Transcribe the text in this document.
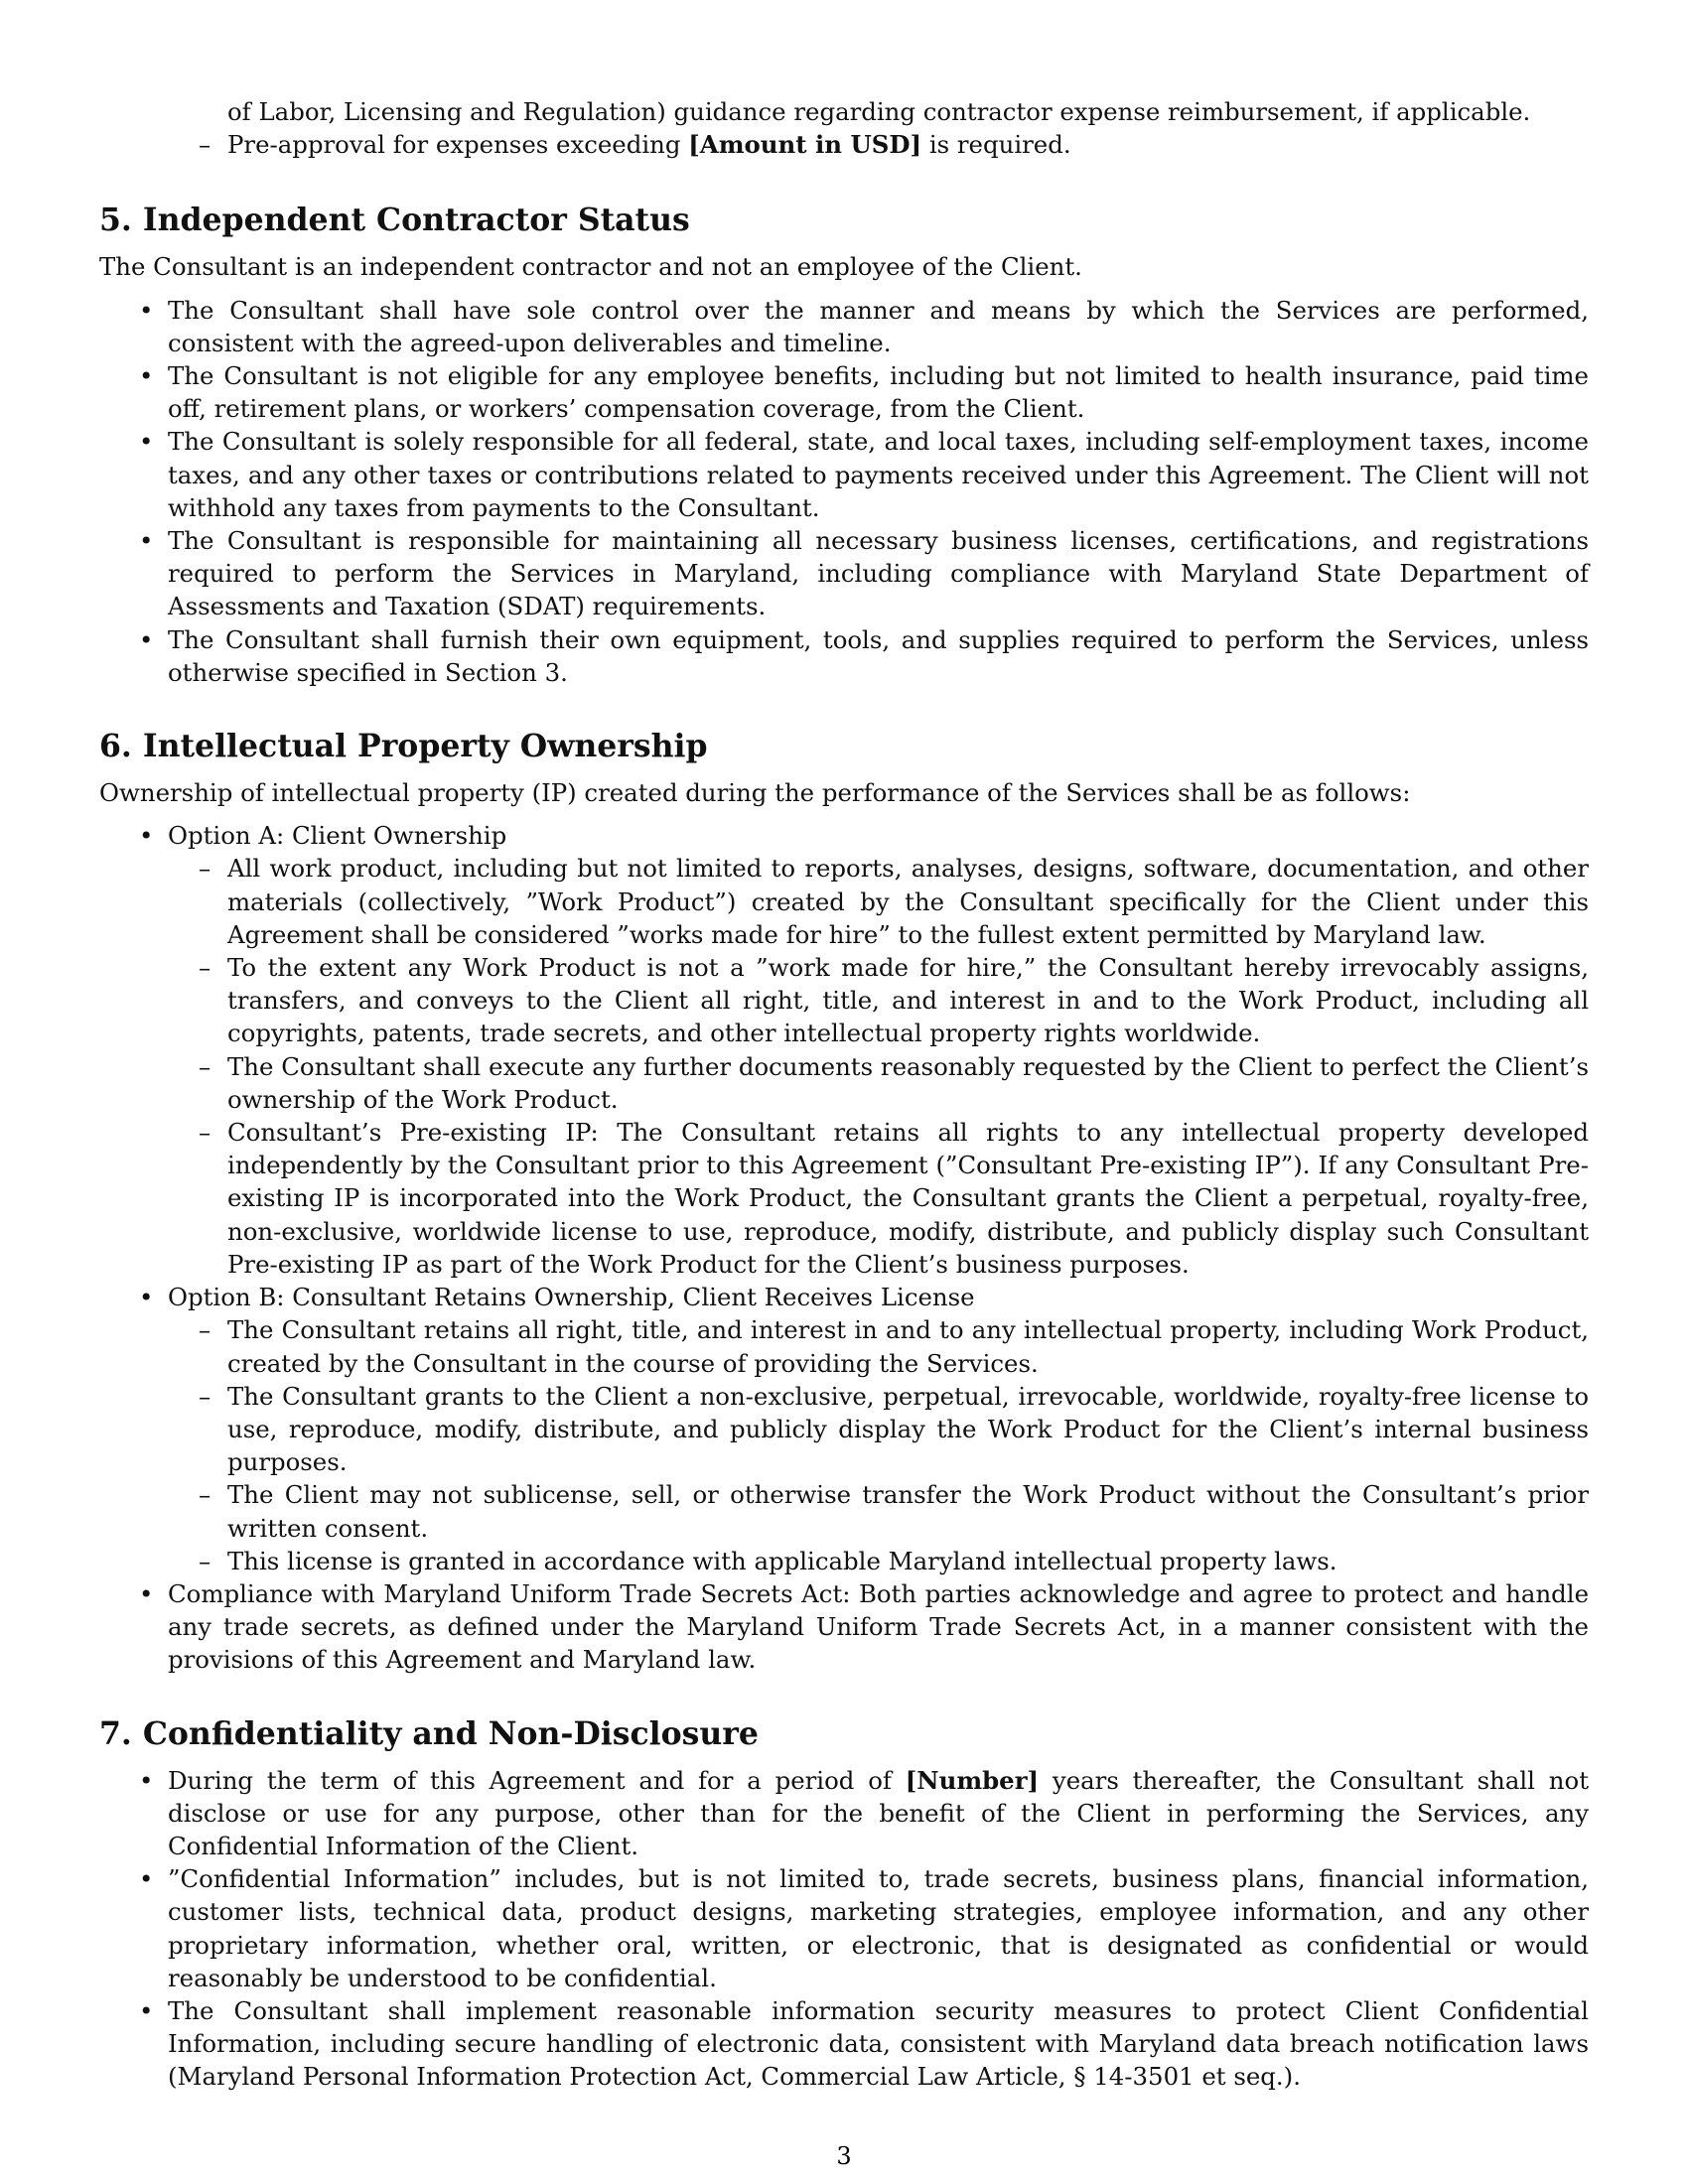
of Labor, Licensing and Regulation) guidance regarding contractor expense reimbursement, if applicable.
– Pre-approval for expenses exceeding [Amount in USD] is required.
5. Independent Contractor Status

The Consultant is an independent contractor and not an employee of the Client.

• The Consultant shall have sole control over the manner and means by which the Services are performed, consistent with the agreed-upon deliverables and timeline.
• The Consultant is not eligible for any employee benefits, including but not limited to health insurance, paid time off, retirement plans, or workers’ compensation coverage, from the Client.
• The Consultant is solely responsible for all federal, state, and local taxes, including self-employment taxes, income taxes, and any other taxes or contributions related to payments received under this Agreement. The Client will not withhold any taxes from payments to the Consultant.
• The Consultant is responsible for maintaining all necessary business licenses, certifications, and registrations required to perform the Services in Maryland, including compliance with Maryland State Department of Assessments and Taxation (SDAT) requirements.
• The Consultant shall furnish their own equipment, tools, and supplies required to perform the Services, unless otherwise specified in Section 3.
6. Intellectual Property Ownership

Ownership of intellectual property (IP) created during the performance of the Services shall be as follows:

• Option A: Client Ownership
– All work product, including but not limited to reports, analyses, designs, software, documentation, and other materials (collectively, ”Work Product”) created by the Consultant specifically for the Client under this Agreement shall be considered ”works made for hire” to the fullest extent permitted by Maryland law.
– To the extent any Work Product is not a ”work made for hire,” the Consultant hereby irrevocably assigns, transfers, and conveys to the Client all right, title, and interest in and to the Work Product, including all copyrights, patents, trade secrets, and other intellectual property rights worldwide.
– The Consultant shall execute any further documents reasonably requested by the Client to perfect the Client’s ownership of the Work Product.
– Consultant’s Pre-existing IP: The Consultant retains all rights to any intellectual property developed independently by the Consultant prior to this Agreement (”Consultant Pre-existing IP”). If any Consultant Pre-existing IP is incorporated into the Work Product, the Consultant grants the Client a perpetual, royalty-free, non-exclusive, worldwide license to use, reproduce, modify, distribute, and publicly display such Consultant Pre-existing IP as part of the Work Product for the Client’s business purposes.
• Option B: Consultant Retains Ownership, Client Receives License
– The Consultant retains all right, title, and interest in and to any intellectual property, including Work Product, created by the Consultant in the course of providing the Services.
– The Consultant grants to the Client a non-exclusive, perpetual, irrevocable, worldwide, royalty-free license to use, reproduce, modify, distribute, and publicly display the Work Product for the Client’s internal business purposes.
– The Client may not sublicense, sell, or otherwise transfer the Work Product without the Consultant’s prior written consent.
– This license is granted in accordance with applicable Maryland intellectual property laws.
• Compliance with Maryland Uniform Trade Secrets Act: Both parties acknowledge and agree to protect and handle any trade secrets, as defined under the Maryland Uniform Trade Secrets Act, in a manner consistent with the provisions of this Agreement and Maryland law.
7. Confidentiality and Non-Disclosure
• During the term of this Agreement and for a period of [Number] years thereafter, the Consultant shall not disclose or use for any purpose, other than for the benefit of the Client in performing the Services, any Confidential Information of the Client.
• ”Confidential Information” includes, but is not limited to, trade secrets, business plans, financial information, customer lists, technical data, product designs, marketing strategies, employee information, and any other proprietary information, whether oral, written, or electronic, that is designated as confidential or would reasonably be understood to be confidential.
• The Consultant shall implement reasonable information security measures to protect Client Confidential Information, including secure handling of electronic data, consistent with Maryland data breach notification laws (Maryland Personal Information Protection Act, Commercial Law Article, § 14-3501 et seq.).
3
